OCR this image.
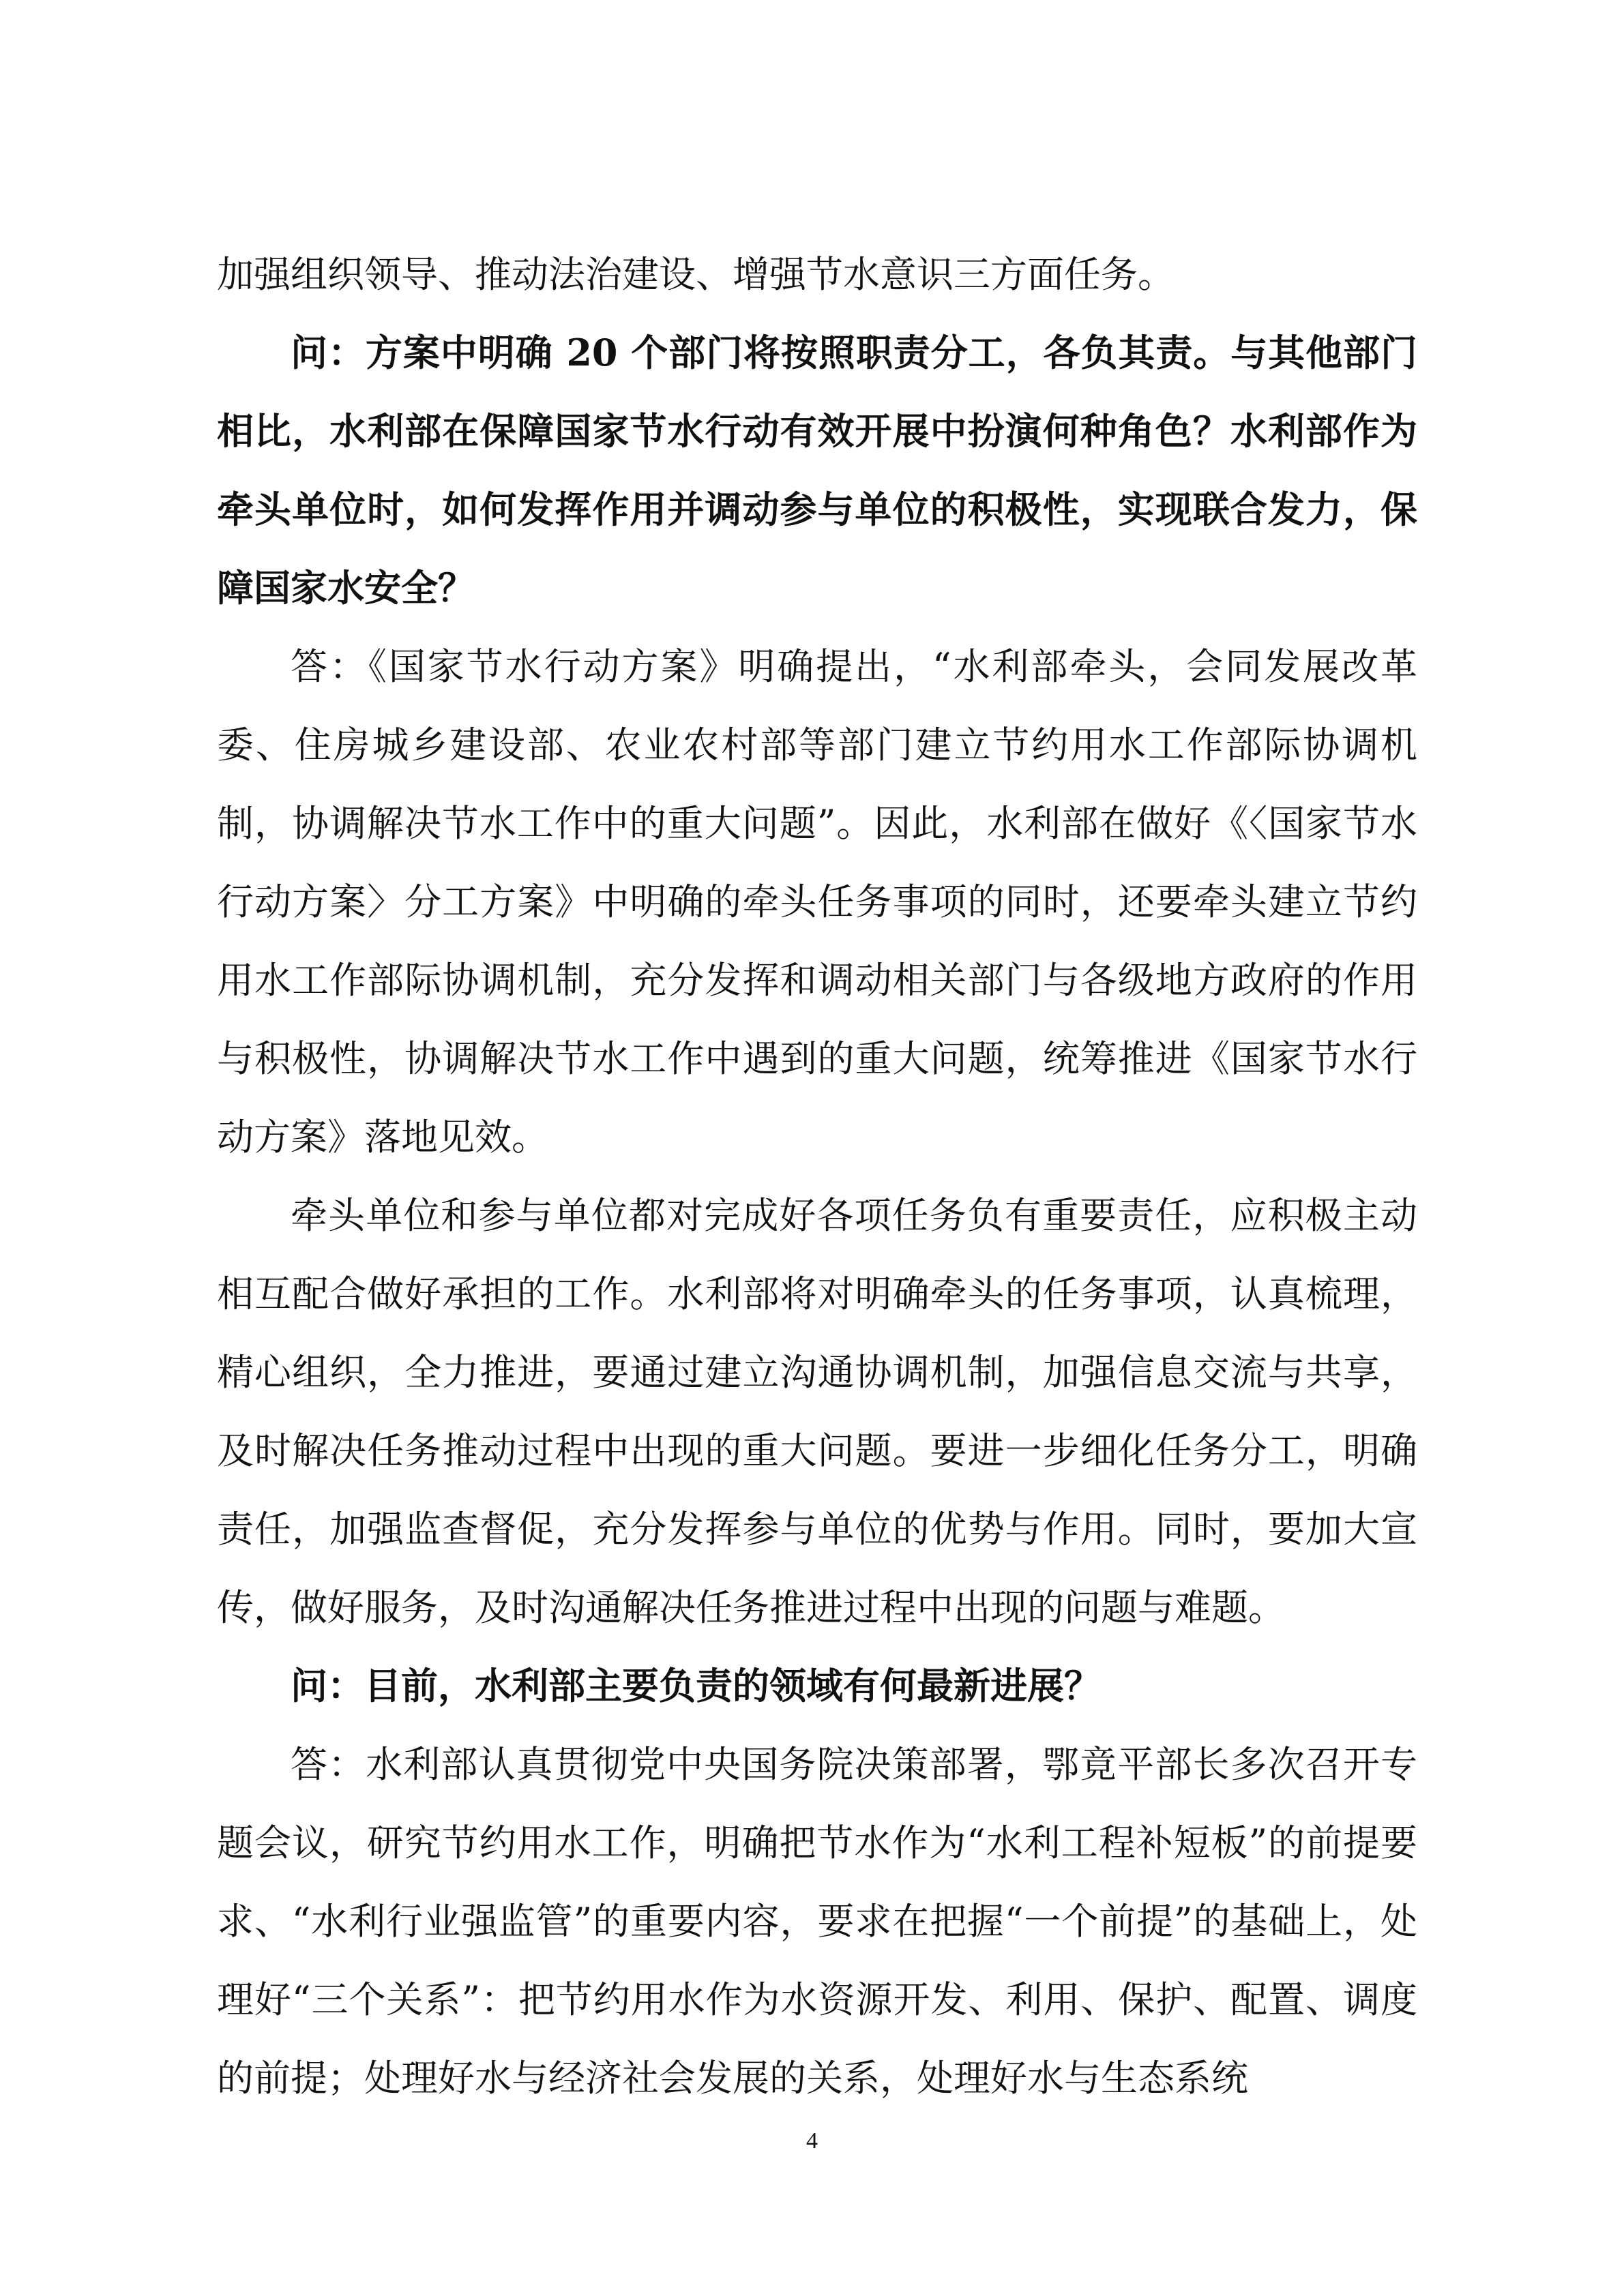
加强组织领导、推动法治建设、增强节水意识三方面任务。

问：方案中明确 20 个部门将按照职责分工，各负其责。与其他部门相比，水利部在保障国家节水行动有效开展中扮演何种角色？水利部作为牵头单位时，如何发挥作用并调动参与单位的积极性，实现联合发力，保障国家水安全？

答：《国家节水行动方案》明确提出，“水利部牵头，会同发展改革委、住房城乡建设部、农业农村部等部门建立节约用水工作部际协调机制，协调解决节水工作中的重大问题”。因此，水利部在做好《〈国家节水行动方案〉分工方案》中明确的牵头任务事项的同时，还要牵头建立节约用水工作部际协调机制，充分发挥和调动相关部门与各级地方政府的作用与积极性，协调解决节水工作中遇到的重大问题，统筹推进《国家节水行动方案》落地见效。

牵头单位和参与单位都对完成好各项任务负有重要责任，应积极主动相互配合做好承担的工作。水利部将对明确牵头的任务事项，认真梳理，精心组织，全力推进，要通过建立沟通协调机制，加强信息交流与共享，及时解决任务推动过程中出现的重大问题。要进一步细化任务分工，明确责任，加强监查督促，充分发挥参与单位的优势与作用。同时，要加大宣传，做好服务，及时沟通解决任务推进过程中出现的问题与难题。

问：目前，水利部主要负责的领域有何最新进展？

答：水利部认真贯彻党中央国务院决策部署，鄂竟平部长多次召开专题会议，研究节约用水工作，明确把节水作为“水利工程补短板”的前提要求、“水利行业强监管”的重要内容，要求在把握“一个前提”的基础上，处理好“三个关系”：把节约用水作为水资源开发、利用、保护、配置、调度的前提；处理好水与经济社会发展的关系，处理好水与生态系统

4
